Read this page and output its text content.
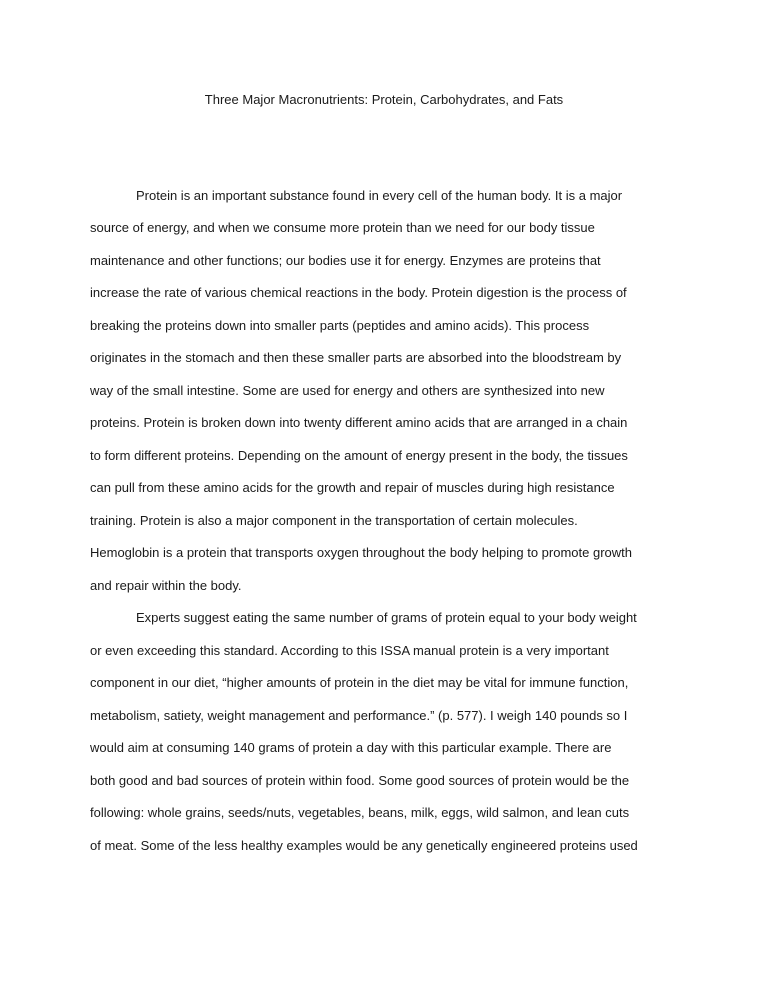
Three Major Macronutrients: Protein, Carbohydrates, and Fats
Protein is an important substance found in every cell of the human body. It is a major
source of energy, and when we consume more protein than we need for our body tissue
maintenance and other functions; our bodies use it for energy. Enzymes are proteins that
increase the rate of various chemical reactions in the body. Protein digestion is the process of
breaking the proteins down into smaller parts (peptides and amino acids). This process
originates in the stomach and then these smaller parts are absorbed into the bloodstream by
way of the small intestine. Some are used for energy and others are synthesized into new
proteins. Protein is broken down into twenty different amino acids that are arranged in a chain
to form different proteins. Depending on the amount of energy present in the body, the tissues
can pull from these amino acids for the growth and repair of muscles during high resistance
training. Protein is also a major component in the transportation of certain molecules.
Hemoglobin is a protein that transports oxygen throughout the body helping to promote growth
and repair within the body.
Experts suggest eating the same number of grams of protein equal to your body weight
or even exceeding this standard. According to this ISSA manual protein is a very important
component in our diet, “higher amounts of protein in the diet may be vital for immune function,
metabolism, satiety, weight management and performance.” (p. 577). I weigh 140 pounds so I
would aim at consuming 140 grams of protein a day with this particular example. There are
both good and bad sources of protein within food. Some good sources of protein would be the
following: whole grains, seeds/nuts, vegetables, beans, milk, eggs, wild salmon, and lean cuts
of meat. Some of the less healthy examples would be any genetically engineered proteins used
